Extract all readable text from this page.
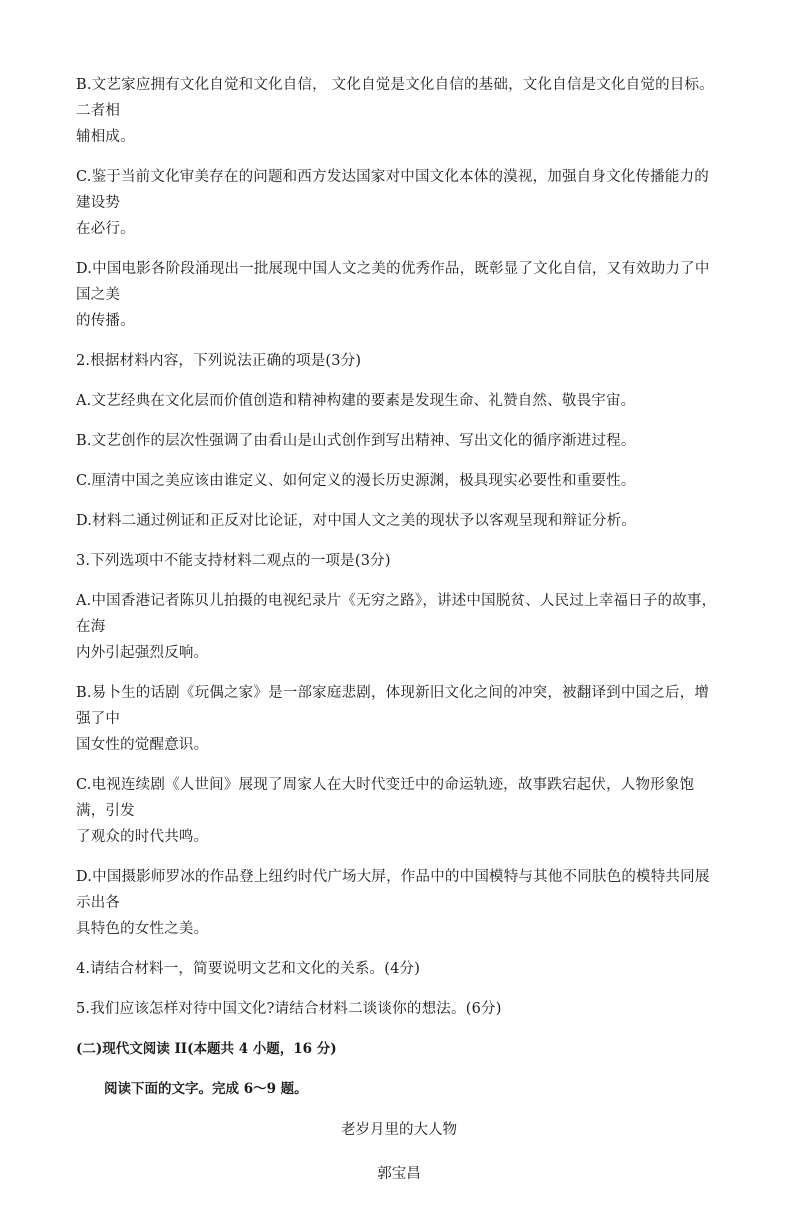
B.文艺家应拥有文化自觉和文化自信， 文化自觉是文化自信的基础，文化自信是文化自觉的目标。二者相

辅相成。

C.鉴于当前文化审美存在的问题和西方发达国家对中国文化本体的漠视，加强自身文化传播能力的建设势

在必行。

D.中国电影各阶段涌现出一批展现中国人文之美的优秀作品，既彰显了文化自信，又有效助力了中国之美

的传播。

2.根据材料内容，下列说法正确的项是(3分)

A.文艺经典在文化层而价值创造和精神构建的要素是发现生命、礼赞自然、敬畏宇宙。

B.文艺创作的层次性强调了由看山是山式创作到写出精神、写出文化的循序渐进过程。

C.厘清中国之美应该由谁定义、如何定义的漫长历史源渊，极具现实必要性和重要性。

D.材料二通过例证和正反对比论证，对中国人文之美的现状予以客观呈现和辩证分析。

3.下列选项中不能支持材料二观点的一项是(3分)

A.中国香港记者陈贝儿拍摄的电视纪录片《无穷之路》，讲述中国脱贫、人民过上幸福日子的故事，在海

内外引起强烈反响。

B.易卜生的话剧《玩偶之家》是一部家庭悲剧，体现新旧文化之间的冲突，被翻译到中国之后，增强了中

国女性的觉醒意识。

C.电视连续剧《人世间》展现了周家人在大时代变迁中的命运轨迹，故事跌宕起伏，人物形象饱满，引发

了观众的时代共鸣。

D.中国摄影师罗冰的作品登上纽约时代广场大屏，作品中的中国模特与其他不同肤色的模特共同展示出各

具特色的女性之美。

4.请结合材料一，简要说明文艺和文化的关系。(4分)

5.我们应该怎样对待中国文化?请结合材料二谈谈你的想法。(6分)

(二)现代文阅读 II(本题共 4 小题，16 分)

阅读下面的文字。完成 6～9 题。

老岁月里的大人物

郭宝昌
